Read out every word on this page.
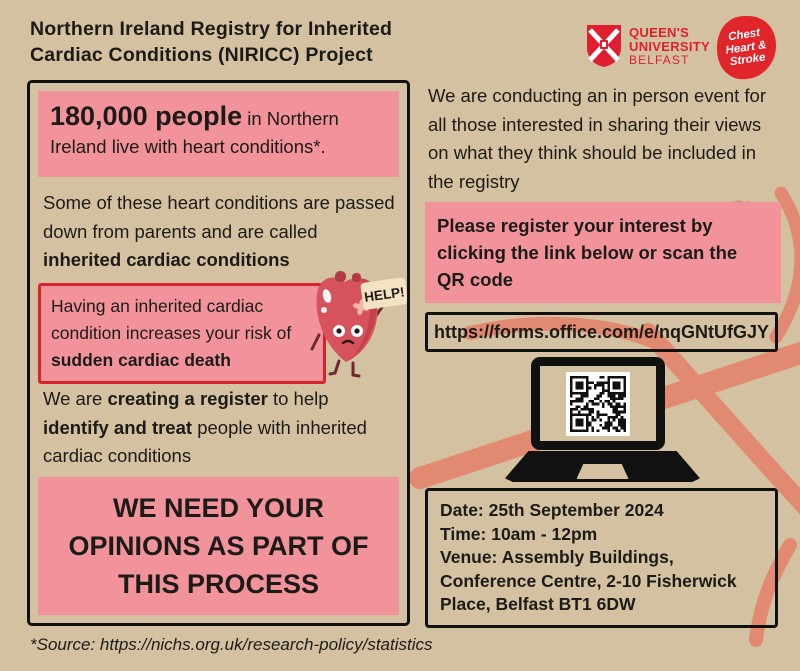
Northern Ireland Registry for Inherited
Cardiac Conditions (NIRICC) Project
QUEEN'S
UNIVERSITY
BELFAST
Chest
Heart &
Stroke
180,000 people in Northern Ireland live with heart conditions*.
Some of these heart conditions are passed down from parents and are called inherited cardiac conditions
Having an inherited cardiac condition increases your risk of sudden cardiac death
HELP!
We are creating a register to help identify and treat people with inherited cardiac conditions
WE NEED YOUR OPINIONS AS PART OF THIS PROCESS
We are conducting an in person event for all those interested in sharing their views on what they think should be included in the registry
Please register your interest by clicking the link below or scan the QR code
https://forms.office.com/e/nqGNtUfGJY
Date: 25th September 2024
Time: 10am - 12pm
Venue: Assembly Buildings,
Conference Centre, 2-10 Fisherwick
Place, Belfast BT1 6DW
*Source: https://nichs.org.uk/research-policy/statistics
